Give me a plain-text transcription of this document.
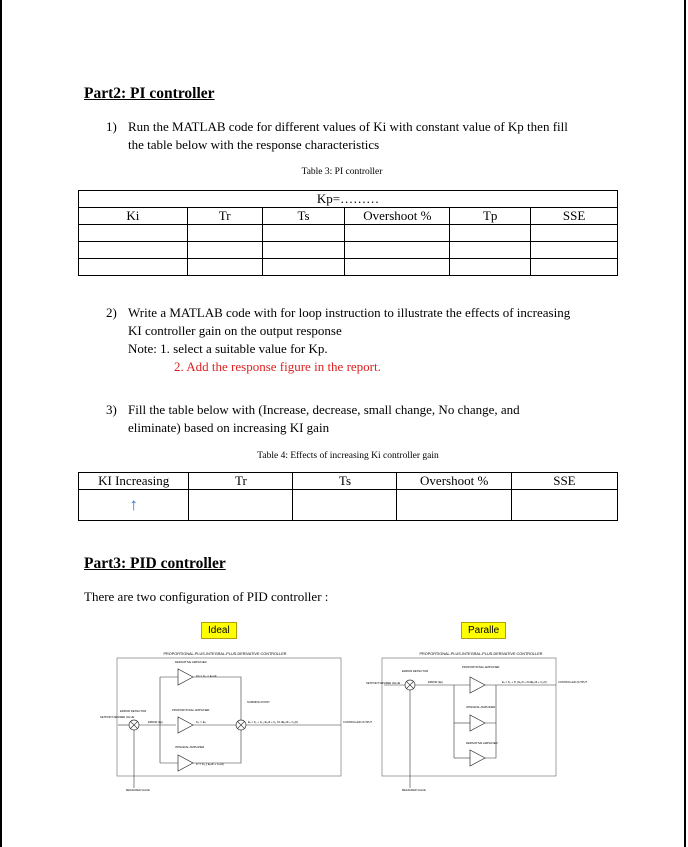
Part2: PI controller
1) Run the MATLAB code for different values of Ki with constant value of Kp then fill
the table below with the response characteristics
Table 3: PI controller
Kp=………					
Ki	Tr	Ts	Overshoot %	Tp	SSE

2) Write a MATLAB code with for loop instruction to illustrate the effects of increasing
KI controller gain on the output response
Note: 1. select a suitable value for Kp.
2. Add the response figure in the report.
3) Fill the table below with (Increase, decrease, small change, No change, and
eliminate) based on increasing KI gain
Table 4: Effects of increasing Ki controller gain
KI Increasing	Tr	Ts	Overshoot %	SSE
↑				
Part3: PID controller
There are two configuration of PID controller :
Ideal	Paralle
PROPORTIONAL-PLUS-INTEGRAL-PLUS-DERIVATIVE CONTROLLER
SETPOINT DESIRED VALUE
ERROR DETECTOR
ERROR (Ep)
MEASURED VALUE
DERIVATIVE AMPLIFIER
Kᴅ = Kₚ × Eₚ/dt
PROPORTIONAL AMPLIFIER
Kₚ × Eₚ
INTEGRAL AMPLIFIER
Kᴵ = Kₚ ∫ Eₚdt + Cₚ(0)
SUMMING POINT
Eₒ = Kₚ + Kₚ ∫ Eₚdt + Kₚ Kᴅ dEₚ/dt + Cₚ(0)	CONTROLLER OUTPUT
PROPORTIONAL-PLUS-INTEGRAL-PLUS-DERIVATIVE CONTROLLER
SETPOINT DESIRED VALUE
ERROR DETECTOR
ERROR (Ep)
MEASURED VALUE
PROPORTIONAL AMPLIFIER
INTEGRAL AMPLIFIER
DERIVATIVE AMPLIFIER
Eₒ = Kₚ + Kᴵ ∫ Eₚdt + KᴅdEₚ/dt + Cₚ(0)	CONTROLLER OUTPUT
